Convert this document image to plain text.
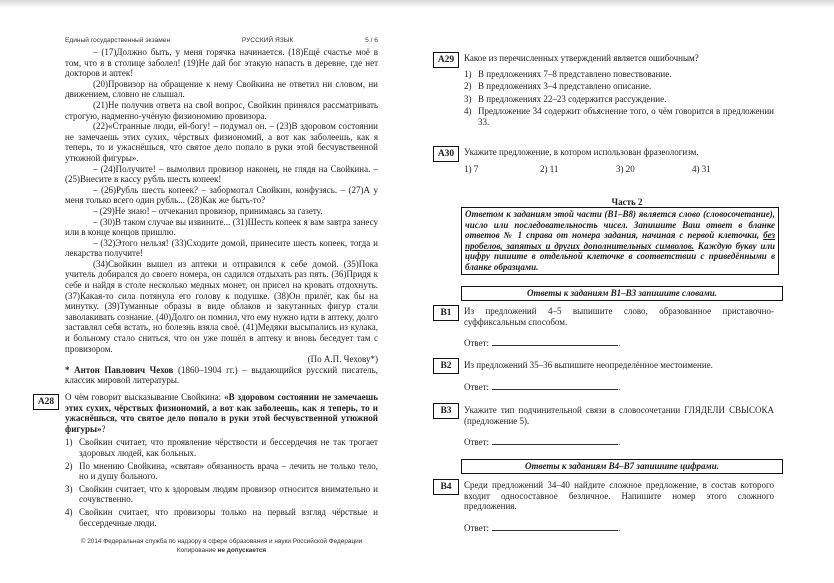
Единый государственный экзамен	РУССКИЙ ЯЗЫК	5 / 6

– (17)Должно быть, у меня горячка начинается. (18)Ещё счастье моё в том, что я в столице заболел! (19)Не дай бог этакую напасть в деревне, где нет докторов и аптек!

(20)Провизор на обращение к нему Свойкина не ответил ни словом, ни движением, словно не слышал.

(21)Не получив ответа на свой вопрос, Свойкин принялся рассматривать строгую, надменно-учёную физиономию провизора.

(22)«Странные люди, ей-богу! – подумал он. – (23)В здоровом состоянии не замечаешь этих сухих, чёрствых физиономий, а вот как заболеешь, как я теперь, то и ужаснёшься, что святое дело попало в руки этой бесчувственной утюжной фигуры».

– (24)Получите! – вымолвил провизор наконец, не глядя на Свойкина. – (25)Внесите в кассу рубль шесть копеек!

– (26)Рубль шесть копеек? – забормотал Свойкин, конфузясь. – (27)А у меня только всего один рубль... (28)Как же быть-то?

– (29)Не знаю! – отчеканил провизор, принимаясь за газету.

– (30)В таком случае вы извините... (31)Шесть копеек я вам завтра занесу или в конце концов пришлю.

– (32)Этого нельзя! (33)Сходите домой, принесите шесть копеек, тогда и лекарства получите!

(34)Свойкин вышел из аптеки и отправился к себе домой. (35)Пока учитель добирался до своего номера, он садился отдыхать раз пять. (36)Придя к себе и найдя в столе несколько медных монет, он присел на кровать отдохнуть. (37)Какая-то сила потянула его голову к подушке. (38)Он прилёг, как бы на минутку. (39)Туманные образы в виде облаков и закутанных фигур стали заволакивать сознание. (40)Долго он помнил, что ему нужно идти в аптеку, долго заставлял себя встать, но болезнь взяла своё. (41)Медяки высыпались из кулака, и больному стало сниться, что он уже пошёл в аптеку и вновь беседует там с провизором.

(По А.П. Чехову*)

* Антон Павлович Чехов (1860–1904 гг.) – выдающийся русский писатель, классик мировой литературы.

A28	О чём говорит высказывание Свойкина: «В здоровом состоянии не замечаешь этих сухих, чёрствых физиономий, а вот как заболеешь, как я теперь, то и ужаснёшься, что святое дело попало в руки этой бесчувственной утюжной фигуры»?
1) Свойкин считает, что проявление чёрствости и бессердечия не так трогает здоровых людей, как больных.
2) По мнению Свойкина, «святая» обязанность врача – лечить не только тело, но и душу больного.
3) Свойкин считает, что к здоровым людям провизор относится внимательно и сочувственно.
4) Свойкин считает, что провизоры только на первый взгляд чёрствые и бессердечные люди.
© 2014 Федеральная служба по надзору в сфере образования и науки Российской Федерации
Копирование не допускается
A29	Какое из перечисленных утверждений является ошибочным?
1) В предложениях 7–8 представлено повествование.
2) В предложениях 3–4 представлено описание.
3) В предложениях 22–23 содержится рассуждение.
4) Предложение 34 содержит объяснение того, о чём говорится в предложении 33.
A30	Укажите предложение, в котором использован фразеологизм.
1) 7	2) 11	3) 20	4) 31
Часть 2
Ответом к заданиям этой части (B1–B8) является слово (словосочетание), число или последовательность чисел. Запишите Ваш ответ в бланке ответов № 1 справа от номера задания, начиная с первой клеточки, без пробелов, запятых и других дополнительных символов. Каждую букву или цифру пишите в отдельной клеточке в соответствии с приведёнными в бланке образцами.
Ответы к заданиям B1–B3 запишите словами.
B1	Из предложений 4–5 выпишите слово, образованное приставочно-суффиксальным способом.
Ответ:	.
B2	Из предложений 35–36 выпишите неопределённое местоимение.
Ответ:	.
B3	Укажите тип подчинительной связи в словосочетании ГЛЯДЕЛИ СВЫСОКА (предложение 5).
Ответ:	.
Ответы к заданиям B4–B7 запишите цифрами.
B4	Среди предложений 34–40 найдите сложное предложение, в состав которого входит односоставное безличное. Напишите номер этого сложного предложения.
Ответ:	.
